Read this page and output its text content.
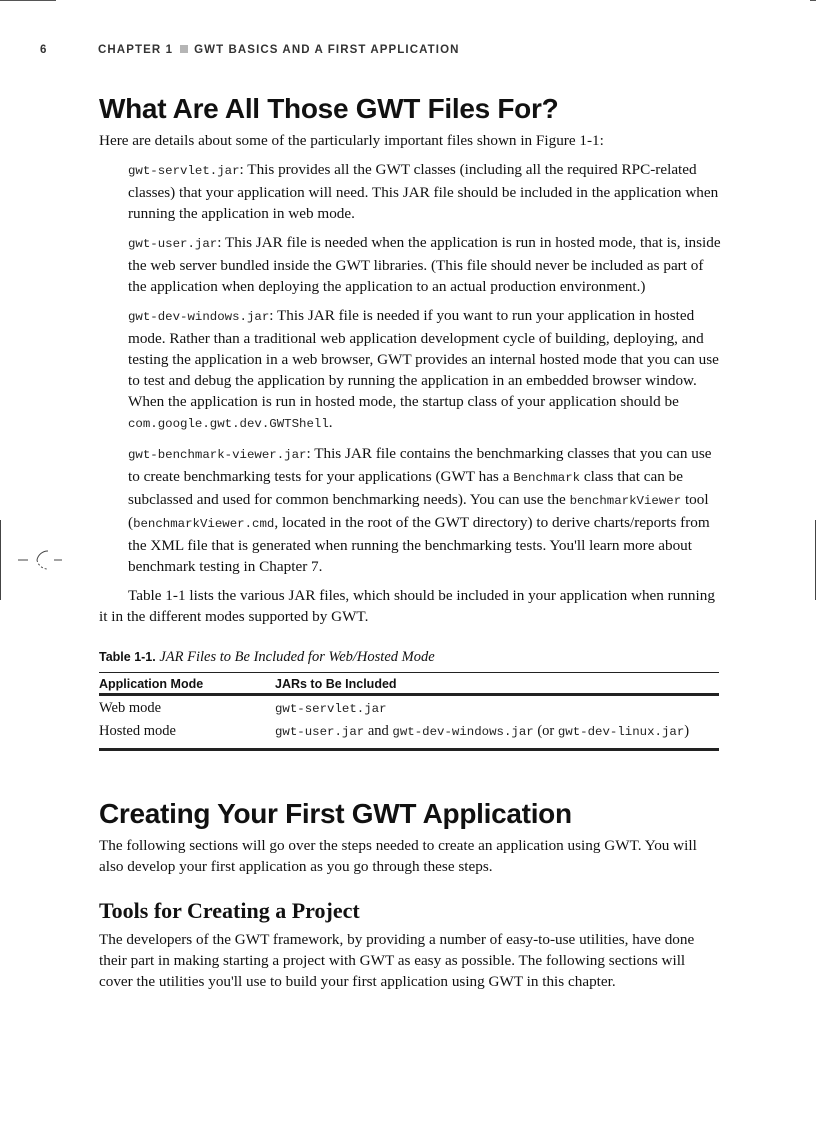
6	CHAPTER 1 GWT BASICS AND A FIRST APPLICATION
What Are All Those GWT Files For?

Here are details about some of the particularly important files shown in Figure 1-1:

gwt-servlet.jar: This provides all the GWT classes (including all the required RPC-related classes) that your application will need. This JAR file should be included in the application when running the application in web mode.

gwt-user.jar: This JAR file is needed when the application is run in hosted mode, that is, inside the web server bundled inside the GWT libraries. (This file should never be included as part of the application when deploying the application to an actual production environment.)

gwt-dev-windows.jar: This JAR file is needed if you want to run your application in hosted mode. Rather than a traditional web application development cycle of building, deploying, and testing the application in a web browser, GWT provides an internal hosted mode that you can use to test and debug the application by running the application in an embedded browser window. When the application is run in hosted mode, the startup class of your application should be com.google.gwt.dev.GWTShell.

gwt-benchmark-viewer.jar: This JAR file contains the benchmarking classes that you can use to create benchmarking tests for your applications (GWT has a Benchmark class that can be subclassed and used for common benchmarking needs). You can use the benchmarkViewer tool (benchmarkViewer.cmd, located in the root of the GWT directory) to derive charts/reports from the XML file that is generated when running the benchmarking tests. You'll learn more about benchmark testing in Chapter 7.

Table 1-1 lists the various JAR files, which should be included in your application when running it in the different modes supported by GWT.

Table 1-1. JAR Files to Be Included for Web/Hosted Mode
Application Mode	JARs to Be Included
Web mode	gwt-servlet.jar
Hosted mode	gwt-user.jar and gwt-dev-windows.jar (or gwt-dev-linux.jar)
Creating Your First GWT Application

The following sections will go over the steps needed to create an application using GWT. You will also develop your first application as you go through these steps.

Tools for Creating a Project

The developers of the GWT framework, by providing a number of easy-to-use utilities, have done their part in making starting a project with GWT as easy as possible. The following sections will cover the utilities you'll use to build your first application using GWT in this chapter.
